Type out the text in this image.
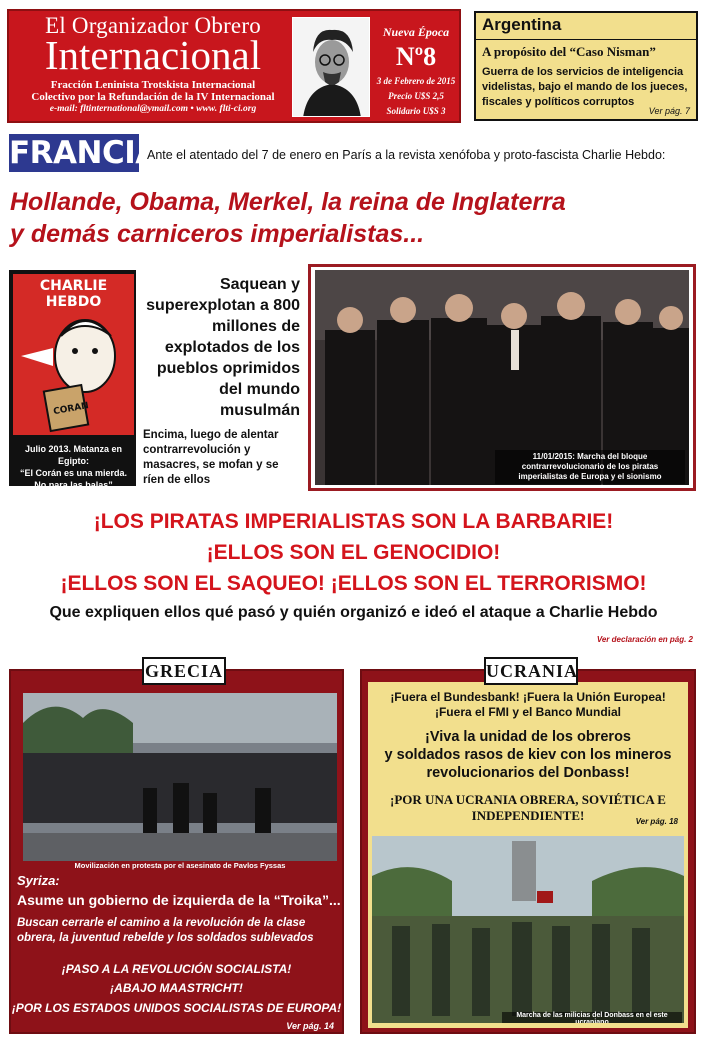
El Organizador Obrero
Internacional
Fracción Leninista Trotskista Internacional
Colectivo por la Refundación de la IV Internacional
e-mail: fltinternational@ymail.com • www. flti-ci.org
Nueva Época
Nº8
3 de Febrero de 2015
Precio U$S 2,5
Solidario U$S 3
Argentina
A propósito del “Caso Nisman”
Guerra de los servicios de inteligencia videlistas, bajo el mando de los jueces, fiscales y políticos corruptos
Ver pág. 7
FRANCIA
Ante el atentado del 7 de enero en París a la revista xenófoba y proto-fascista Charlie Hebdo:
Hollande, Obama, Merkel, la reina de Inglaterra
y demás carniceros imperialistas...
CHARLIE HEBDO
CORAN
Julio 2013. Matanza en Egipto:
“El Corán es una mierda.
No para las balas”
Saquean y superexplotan a 800 millones de explotados de los pueblos oprimidos del mundo musulmán
Encima, luego de alentar contrarrevolución y masacres, se mofan y se ríen de ellos
11/01/2015: Marcha del bloque contrarrevolucionario de los piratas imperialistas de Europa y el sionismo
¡LOS PIRATAS IMPERIALISTAS SON LA BARBARIE!
¡ELLOS SON EL GENOCIDIO!
¡ELLOS SON EL SAQUEO! ¡ELLOS SON EL TERRORISMO!
Que expliquen ellos qué pasó y quién organizó e ideó el ataque a Charlie Hebdo
Ver declaración en pág. 2
Movilización en protesta por el asesinato de Pavlos Fyssas
Syriza:
Asume un gobierno de izquierda de la “Troika”...
Buscan cerrarle el camino a la revolución de la clase obrera, la juventud rebelde y los soldados sublevados
¡PASO A LA REVOLUCIÓN SOCIALISTA!
¡ABAJO MAASTRICHT!
¡POR LOS ESTADOS UNIDOS SOCIALISTAS DE EUROPA!
Ver pág. 14
GRECIA
¡Fuera el Bundesbank! ¡Fuera la Unión Europea!
¡Fuera el FMI y el Banco Mundial
¡Viva la unidad de los obreros
y soldados rasos de kiev con los mineros
revolucionarios del Donbass!
¡POR UNA UCRANIA OBRERA, SOVIÉTICA E INDEPENDIENTE!	Ver pág. 18
Marcha de las milicias del Donbass en el este ucraniano
UCRANIA
